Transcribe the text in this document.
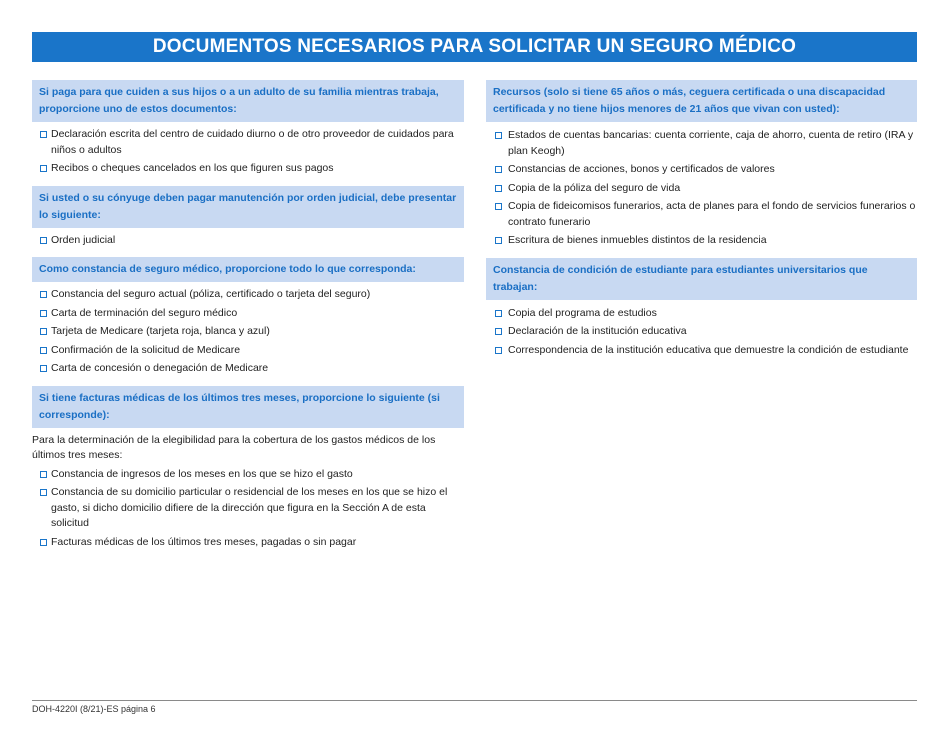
DOCUMENTOS NECESARIOS PARA SOLICITAR UN SEGURO MÉDICO
Si paga para que cuiden a sus hijos o a un adulto de su familia mientras trabaja, proporcione uno de estos documentos:
Declaración escrita del centro de cuidado diurno o de otro proveedor de cuidados para niños o adultos
Recibos o cheques cancelados en los que figuren sus pagos
Si usted o su cónyuge deben pagar manutención por orden judicial, debe presentar lo siguiente:
Orden judicial
Como constancia de seguro médico, proporcione todo lo que corresponda:
Constancia del seguro actual (póliza, certificado o tarjeta del seguro)
Carta de terminación del seguro médico
Tarjeta de Medicare (tarjeta roja, blanca y azul)
Confirmación de la solicitud de Medicare
Carta de concesión o denegación de Medicare
Si tiene facturas médicas de los últimos tres meses, proporcione lo siguiente (si corresponde):
Para la determinación de la elegibilidad para la cobertura de los gastos médicos de los últimos tres meses:
Constancia de ingresos de los meses en los que se hizo el gasto
Constancia de su domicilio particular o residencial de los meses en los que se hizo el gasto, si dicho domicilio difiere de la dirección que figura en la Sección A de esta solicitud
Facturas médicas de los últimos tres meses, pagadas o sin pagar
Recursos (solo si tiene 65 años o más, ceguera certificada o una discapacidad certificada y no tiene hijos menores de 21 años que vivan con usted):
Estados de cuentas bancarias: cuenta corriente, caja de ahorro, cuenta de retiro (IRA y plan Keogh)
Constancias de acciones, bonos y certificados de valores
Copia de la póliza del seguro de vida
Copia de fideicomisos funerarios, acta de planes para el fondo de servicios funerarios o contrato funerario
Escritura de bienes inmuebles distintos de la residencia
Constancia de condición de estudiante para estudiantes universitarios que trabajan:
Copia del programa de estudios
Declaración de la institución educativa
Correspondencia de la institución educativa que demuestre la condición de estudiante
DOH-4220I (8/21)-ES página 6
